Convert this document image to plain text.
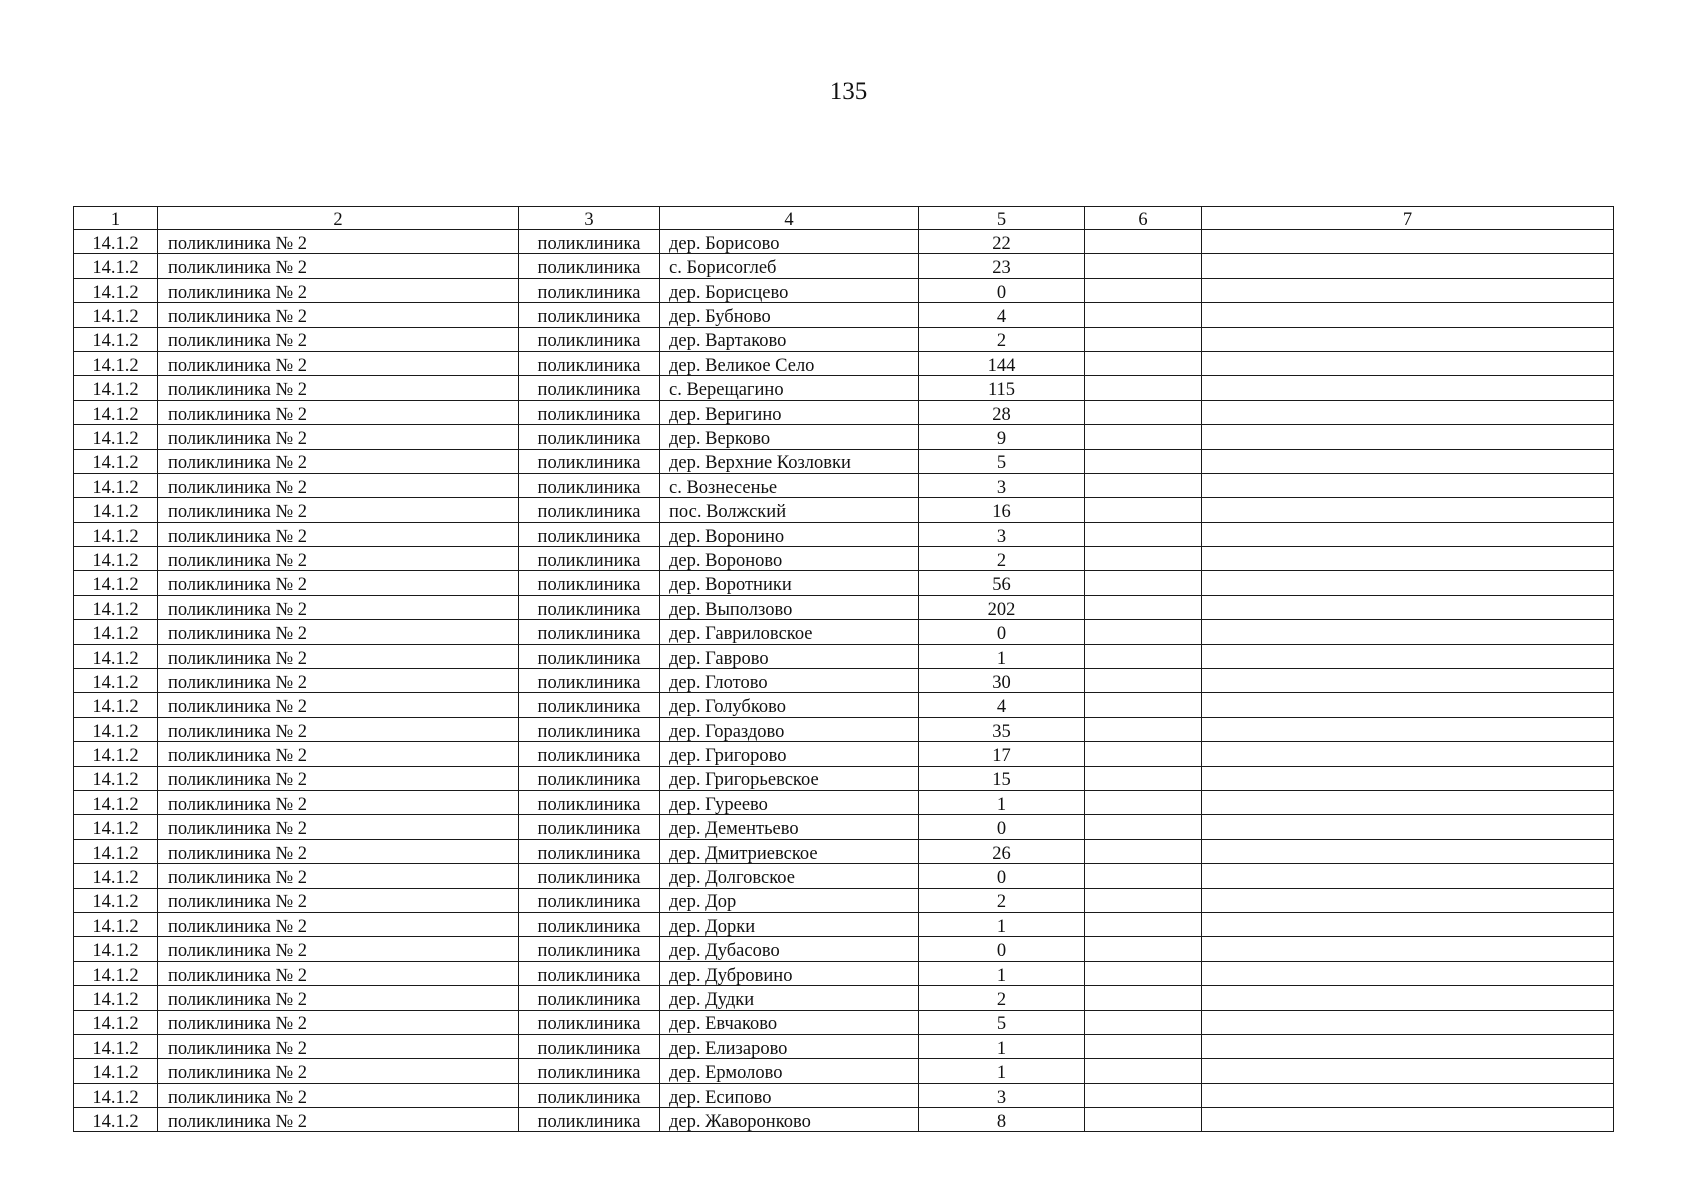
135
1	2	3	4	5	6	7
14.1.2	поликлиника № 2	поликлиника	дер. Борисово	22		
14.1.2	поликлиника № 2	поликлиника	с. Борисоглеб	23		
14.1.2	поликлиника № 2	поликлиника	дер. Борисцево	0		
14.1.2	поликлиника № 2	поликлиника	дер. Бубново	4		
14.1.2	поликлиника № 2	поликлиника	дер. Вартаково	2		
14.1.2	поликлиника № 2	поликлиника	дер. Великое Село	144		
14.1.2	поликлиника № 2	поликлиника	с. Верещагино	115		
14.1.2	поликлиника № 2	поликлиника	дер. Веригино	28		
14.1.2	поликлиника № 2	поликлиника	дер. Верково	9		
14.1.2	поликлиника № 2	поликлиника	дер. Верхние Козловки	5		
14.1.2	поликлиника № 2	поликлиника	с. Вознесенье	3		
14.1.2	поликлиника № 2	поликлиника	пос. Волжский	16		
14.1.2	поликлиника № 2	поликлиника	дер. Воронино	3		
14.1.2	поликлиника № 2	поликлиника	дер. Вороново	2		
14.1.2	поликлиника № 2	поликлиника	дер. Воротники	56		
14.1.2	поликлиника № 2	поликлиника	дер. Выползово	202		
14.1.2	поликлиника № 2	поликлиника	дер. Гавриловское	0		
14.1.2	поликлиника № 2	поликлиника	дер. Гаврово	1		
14.1.2	поликлиника № 2	поликлиника	дер. Глотово	30		
14.1.2	поликлиника № 2	поликлиника	дер. Голубково	4		
14.1.2	поликлиника № 2	поликлиника	дер. Гораздово	35		
14.1.2	поликлиника № 2	поликлиника	дер. Григорово	17		
14.1.2	поликлиника № 2	поликлиника	дер. Григорьевское	15		
14.1.2	поликлиника № 2	поликлиника	дер. Гуреево	1		
14.1.2	поликлиника № 2	поликлиника	дер. Дементьево	0		
14.1.2	поликлиника № 2	поликлиника	дер. Дмитриевское	26		
14.1.2	поликлиника № 2	поликлиника	дер. Долговское	0		
14.1.2	поликлиника № 2	поликлиника	дер. Дор	2		
14.1.2	поликлиника № 2	поликлиника	дер. Дорки	1		
14.1.2	поликлиника № 2	поликлиника	дер. Дубасово	0		
14.1.2	поликлиника № 2	поликлиника	дер. Дубровино	1		
14.1.2	поликлиника № 2	поликлиника	дер. Дудки	2		
14.1.2	поликлиника № 2	поликлиника	дер. Евчаково	5		
14.1.2	поликлиника № 2	поликлиника	дер. Елизарово	1		
14.1.2	поликлиника № 2	поликлиника	дер. Ермолово	1		
14.1.2	поликлиника № 2	поликлиника	дер. Есипово	3		
14.1.2	поликлиника № 2	поликлиника	дер. Жаворонково	8		
